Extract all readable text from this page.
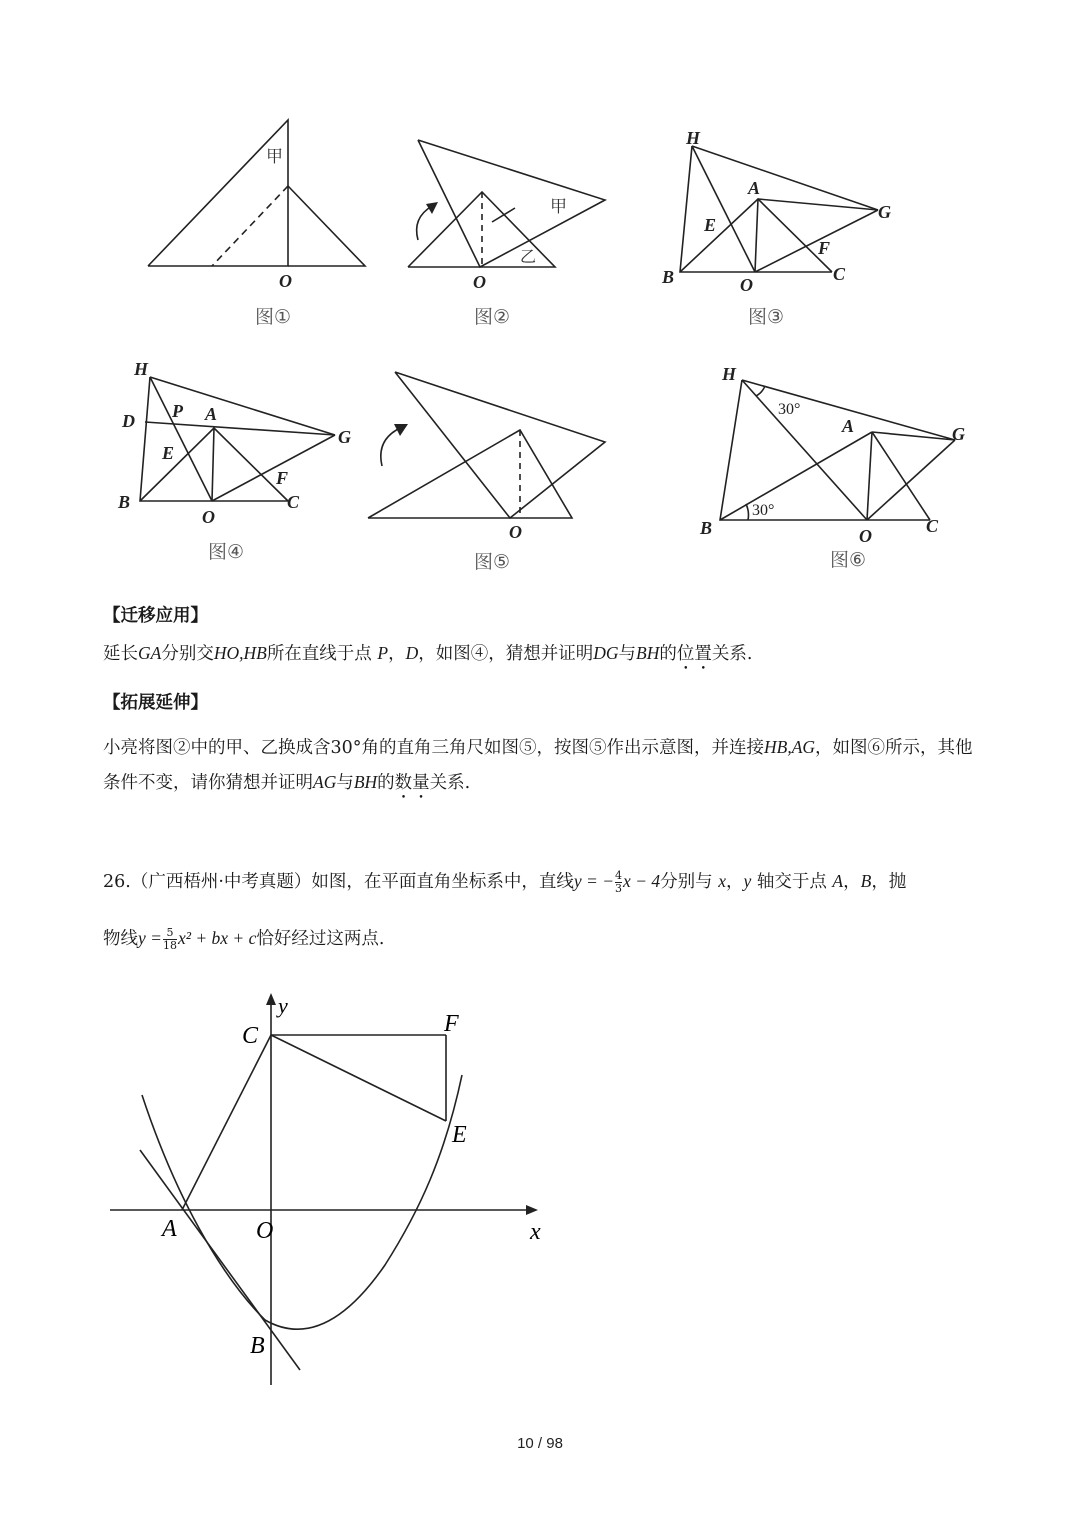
甲
O
图①
甲
乙
O
图②
H
A
G
E
F
B	O
C
图③
H
D P A
G
E
F
B
O
C
图④
O
图⑤
H
30°
A	G
30°
B	O	C
图⑥
【迁移应用】
延长GA分别交HO,HB所在直线于点 P，D，如图④，猜想并证明DG与BH的位置关系.
【拓展延伸】
小亮将图②中的甲、乙换成含30°角的直角三角尺如图⑤，按图⑤作出示意图，并连接HB,AG，如图⑥所示，其他条件不变，请你猜想并证明AG与BH的数量关系.
26.（广西梧州·中考真题）如图，在平面直角坐标系中，直线y = − $\frac{4}{3}$ x − 4分别与 x，y 轴交于点 A，B，抛
物线$y = \frac{5}{18} x^2$ + bx + c恰好经过这两点.
y
C	F
E
A	O	x
B
10 / 98
